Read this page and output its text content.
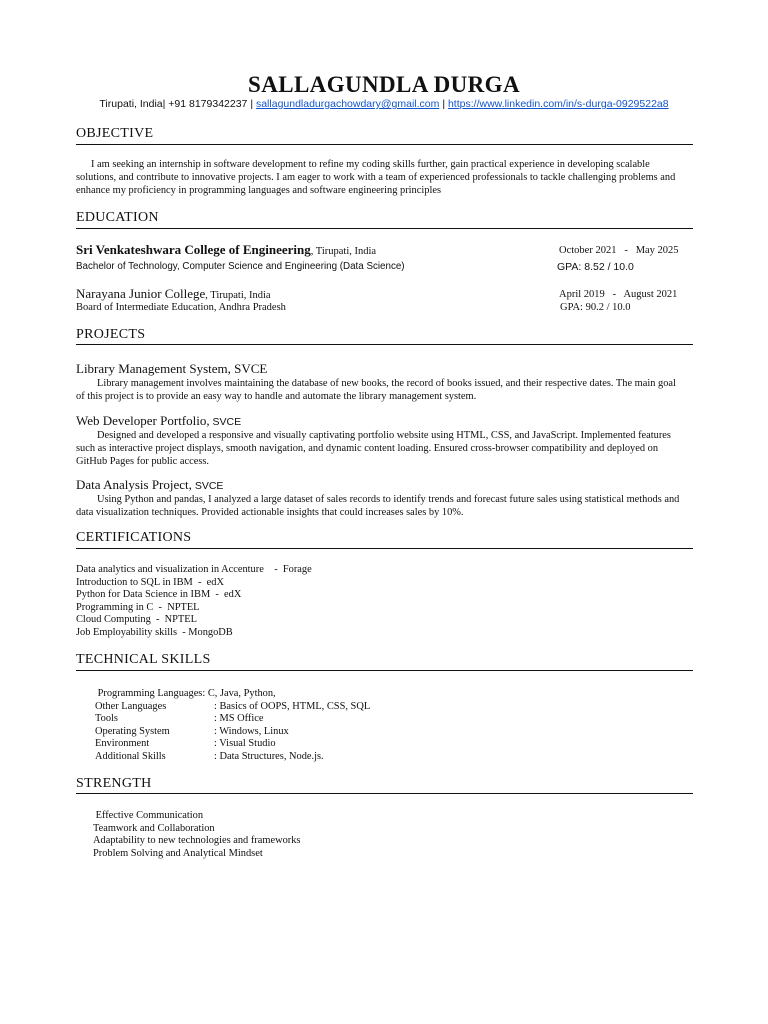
SALLAGUNDLA DURGA
Tirupati, India| +91 8179342237 | sallagundladurgachowdary@gmail.com | https://www.linkedin.com/in/s-durga-0929522a8
OBJECTIVE
I am seeking an internship in software development to refine my coding skills further, gain practical experience in developing scalable solutions, and contribute to innovative projects. I am eager to work with a team of experienced professionals to tackle challenging problems and enhance my proficiency in programming languages and software engineering principles
EDUCATION
Sri Venkateshwara College of Engineering, Tirupati, India	October 2021   -   May 2025
Bachelor of Technology, Computer Science and Engineering (Data Science)	GPA: 8.52 / 10.0
Narayana Junior College, Tirupati, India	April 2019   -   August 2021
Board of Intermediate Education, Andhra Pradesh	GPA: 90.2 / 10.0
PROJECTS
Library Management System, SVCE
Library management involves maintaining the database of new books, the record of books issued, and their respective dates. The main goal of this project is to provide an easy way to handle and automate the library management system.
Web Developer Portfolio, SVCE
Designed and developed a responsive and visually captivating portfolio website using HTML, CSS, and JavaScript. Implemented features such as interactive project displays, smooth navigation, and dynamic content loading. Ensured cross-browser compatibility and deployed on GitHub Pages for public access.
Data Analysis Project, SVCE
Using Python and pandas, I analyzed a large dataset of sales records to identify trends and forecast future sales using statistical methods and data visualization techniques. Provided actionable insights that could increases sales by 10%.
CERTIFICATIONS
Data analytics and visualization in Accenture    -  Forage
Introduction to SQL in IBM  -  edX
Python for Data Science in IBM  -  edX
Programming in C  -  NPTEL
Cloud Computing  -  NPTEL
Job Employability skills  - MongoDB
TECHNICAL SKILLS
Programming Languages: C, Java, Python,
Other Languages	: Basics of OOPS, HTML, CSS, SQL
Tools	: MS Office
Operating System	: Windows, Linux
Environment	: Visual Studio
Additional Skills	: Data Structures, Node.js.
STRENGTH
Effective Communication
Teamwork and Collaboration
Adaptability to new technologies and frameworks
Problem Solving and Analytical Mindset
